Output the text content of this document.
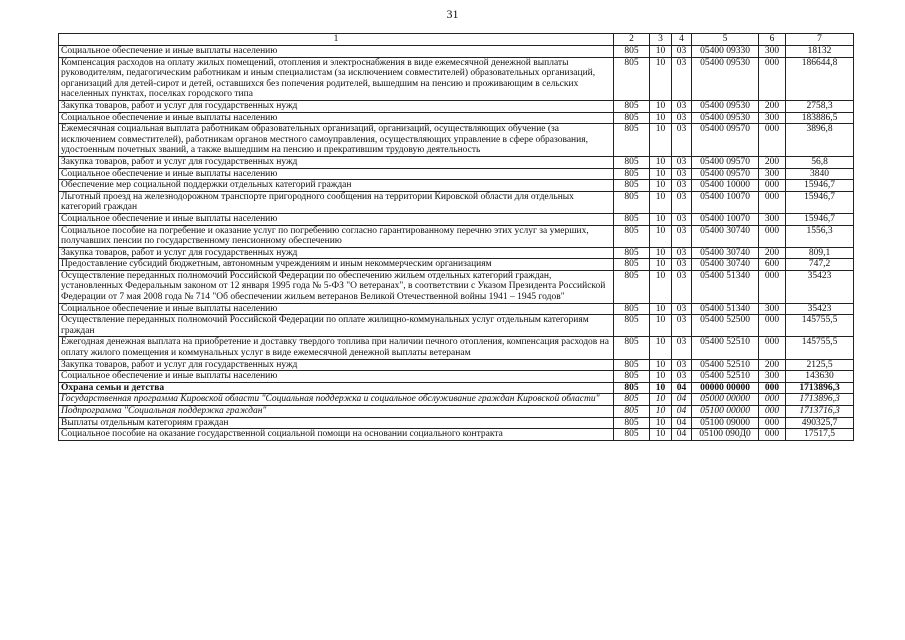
31
1	2	3	4	5	6	7
Социальное обеспечение и иные выплаты населению	805	10	03	05400 09330	300	18132
Компенсация расходов на оплату жилых помещений, отопления и электроснабжения в виде ежемесячной денежной выплаты руководителям, педагогическим работникам и иным специалистам (за исключением совместителей) образовательных организаций, организаций для детей-сирот и детей, оставшихся без попечения родителей, вышедшим на пенсию и проживающим в сельских населенных пунктах, поселках городского типа	805	10	03	05400 09530	000	186644,8
Закупка товаров, работ и услуг для государственных нужд	805	10	03	05400 09530	200	2758,3
Социальное обеспечение и иные выплаты населению	805	10	03	05400 09530	300	183886,5
Ежемесячная социальная выплата работникам образовательных организаций, организаций, осуществляющих обучение (за исключением совместителей), работникам органов местного самоуправления, осуществляющих управление в сфере образования, удостоенным почетных званий, а также вышедшим на пенсию и прекратившим трудовую деятельность	805	10	03	05400 09570	000	3896,8
Закупка товаров, работ и услуг для государственных нужд	805	10	03	05400 09570	200	56,8
Социальное обеспечение и иные выплаты населению	805	10	03	05400 09570	300	3840
Обеспечение мер социальной поддержки отдельных категорий граждан	805	10	03	05400 10000	000	15946,7
Льготный проезд на железнодорожном транспорте пригородного сообщения на территории Кировской области для отдельных категорий граждан	805	10	03	05400 10070	000	15946,7
Социальное обеспечение и иные выплаты населению	805	10	03	05400 10070	300	15946,7
Социальное пособие на погребение и оказание услуг по погребению согласно гарантированному перечню этих услуг за умерших, получавших пенсии по государственному пенсионному обеспечению	805	10	03	05400 30740	000	1556,3
Закупка товаров, работ и услуг для государственных нужд	805	10	03	05400 30740	200	809,1
Предоставление субсидий бюджетным, автономным учреждениям и иным некоммерческим организациям	805	10	03	05400 30740	600	747,2
Осуществление переданных полномочий Российской Федерации по обеспечению жильем отдельных категорий граждан, установленных Федеральным законом от 12 января 1995 года № 5-ФЗ "О ветеранах", в соответствии с Указом Президента Российской Федерации от 7 мая 2008 года № 714 "Об обеспечении жильем ветеранов Великой Отечественной войны 1941 – 1945 годов"	805	10	03	05400 51340	000	35423
Социальное обеспечение и иные выплаты населению	805	10	03	05400 51340	300	35423
Осуществление переданных полномочий Российской Федерации по оплате жилищно-коммунальных услуг отдельным категориям граждан	805	10	03	05400 52500	000	145755,5
Ежегодная денежная выплата на приобретение и доставку твердого топлива при наличии печного отопления, компенсация расходов на оплату жилого помещения и коммунальных услуг в виде ежемесячной денежной выплаты ветеранам	805	10	03	05400 52510	000	145755,5
Закупка товаров, работ и услуг для государственных нужд	805	10	03	05400 52510	200	2125,5
Социальное обеспечение и иные выплаты населению	805	10	03	05400 52510	300	143630
Охрана семьи и детства	805	10	04	00000 00000	000	1713896,3
Государственная программа Кировской области "Социальная поддержка и социальное обслуживание граждан Кировской области"	805	10	04	05000 00000	000	1713896,3
Подпрограмма "Социальная поддержка граждан"	805	10	04	05100 00000	000	1713716,3
Выплаты отдельным категориям граждан	805	10	04	05100 09000	000	490325,7
Социальное пособие на оказание государственной социальной помощи на основании социального контракта	805	10	04	05100 090Д0	000	17517,5
